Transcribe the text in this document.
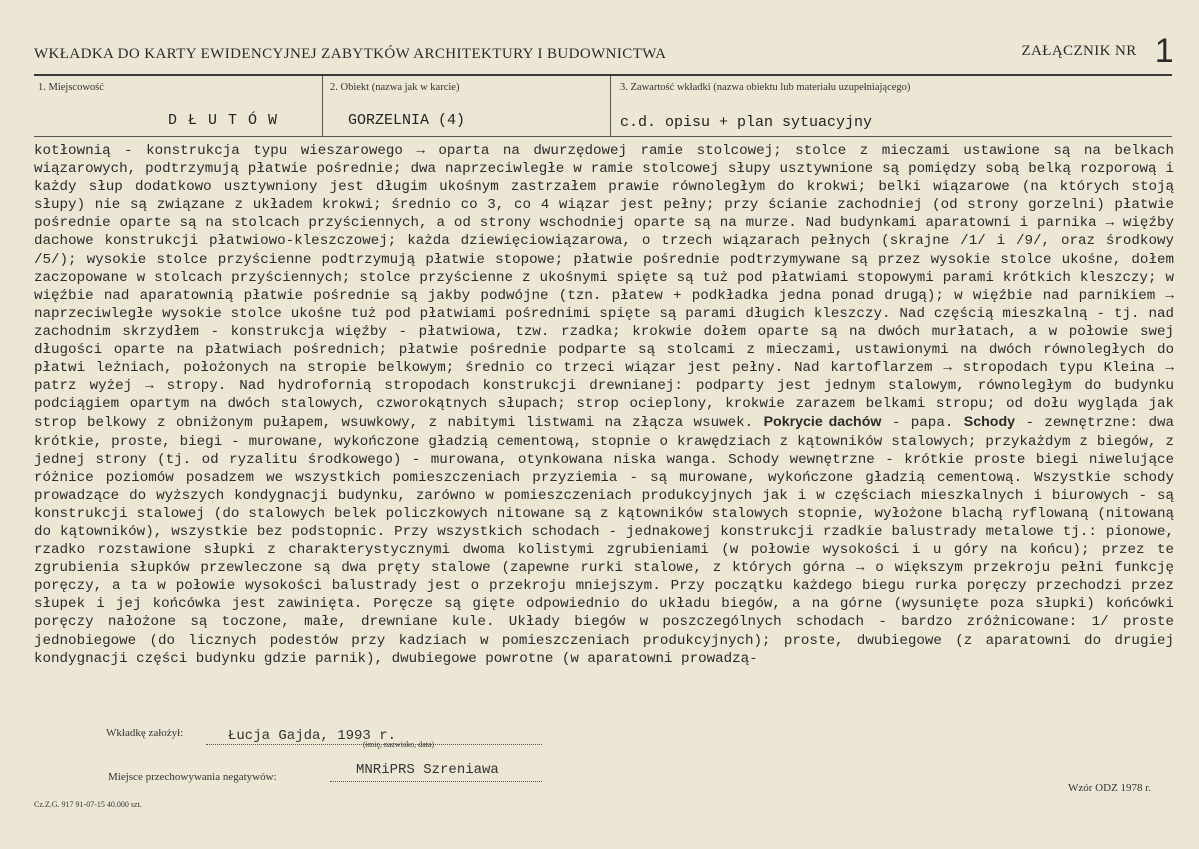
WKŁADKA DO KARTY EWIDENCYJNEJ ZABYTKÓW ARCHITEKTURY I BUDOWNICTWA	ZAŁĄCZNIK NR 1
1. Miejscowość
D Ł U T Ó W
2. Obiekt (nazwa jak w karcie)
GORZELNIA (4)
3. Zawartość wkładki (nazwa obiektu lub materiału uzupełniającego)
c.d. opisu + plan sytuacyjny

kotłownią - konstrukcja typu wieszarowego → oparta na dwurzędowej ramie stolcowej; stolce z mieczami ustawione są na belkach wiązarowych, podtrzymują płatwie pośrednie; dwa naprzeciwległe w ramie stolcowej słupy usztywnione są pomiędzy sobą belką rozporową i każdy słup dodatkowo usztywniony jest długim ukośnym zastrzałem prawie równoległym do krokwi; belki wiązarowe (na których stoją słupy) nie są związane z układem krokwi; średnio co 3, co 4 wiązar jest pełny; przy ścianie zachodniej (od strony gorzelni) płatwie pośrednie oparte są na stolcach przyściennych, a od strony wschodniej oparte są na murze. Nad budynkami aparatowni i parnika → więźby dachowe konstrukcji płatwiowo-kleszczowej; każda dziewięciowiązarowa, o trzech wiązarach pełnych (skrajne /1/ i /9/, oraz środkowy /5/); wysokie stolce przyścienne podtrzymują płatwie stopowe; płatwie pośrednie podtrzymywane są przez wysokie stolce ukośne, dołem zaczopowane w stolcach przyściennych; stolce przyścienne z ukośnymi spięte są tuż pod płatwiami stopowymi parami krótkich kleszczy; w więźbie nad aparatownią płatwie pośrednie są jakby podwójne (tzn. płatew + podkładka jedna ponad drugą); w więźbie nad parnikiem → naprzeciwległe wysokie stolce ukośne tuż pod płatwiami pośrednimi spięte są parami długich kleszczy. Nad częścią mieszkalną - tj. nad zachodnim skrzydłem - konstrukcja więźby - płatwiowa, tzw. rzadka; krokwie dołem oparte są na dwóch murłatach, a w połowie swej długości oparte na płatwiach pośrednich; płatwie pośrednie podparte są stolcami z mieczami, ustawionymi na dwóch równoległych do płatwi leżniach, położonych na stropie belkowym; średnio co trzeci wiązar jest pełny. Nad kartoflarzem → stropodach typu Kleina → patrz wyżej → stropy. Nad hydrofornią stropodach konstrukcji drewnianej: podparty jest jednym stalowym, równoległym do budynku podciągiem opartym na dwóch stalowych, czworokątnych słupach; strop ocieplony, krokwie zarazem belkami stropu; od dołu wygląda jak strop belkowy z obniżonym pułapem, wsuwkowy, z nabitymi listwami na złącza wsuwek. Pokrycie dachów - papa. Schody - zewnętrzne: dwa krótkie, proste, biegi - murowane, wykończone gładzią cementową, stopnie o krawędziach z kątowników stalowych; przykażdym z biegów, z jednej strony (tj. od ryzalitu środkowego) - murowana, otynkowana niska wanga. Schody wewnętrzne - krótkie proste biegi niwelujące różnice poziomów posadzem we wszystkich pomieszczeniach przyziemia - są murowane, wykończone gładzią cementową. Wszystkie schody prowadzące do wyższych kondygnacji budynku, zarówno w pomieszczeniach produkcyjnych jak i w częściach mieszkalnych i biurowych - są konstrukcji stalowej (do stalowych belek policzkowych nitowane są z kątowników stalowych stopnie, wyłożone blachą ryflowaną (nitowaną do kątowników), wszystkie bez podstopnic. Przy wszystkich schodach - jednakowej konstrukcji rzadkie balustrady metalowe tj.: pionowe, rzadko rozstawione słupki z charakterystycznymi dwoma kolistymi zgrubieniami (w połowie wysokości i u góry na końcu); przez te zgrubienia słupków przewleczone są dwa pręty stalowe (zapewne rurki stalowe, z których górna → o większym przekroju pełni funkcję poręczy, a ta w połowie wysokości balustrady jest o przekroju mniejszym. Przy początku każdego biegu rurka poręczy przechodzi przez słupek i jej końcówka jest zawinięta. Poręcze są gięte odpowiednio do układu biegów, a na górne (wysunięte poza słupki) końcówki poręczy nałożone są toczone, małe, drewniane kule. Układy biegów w poszczególnych schodach - bardzo zróżnicowane: 1/ proste jednobiegowe (do licznych podestów przy kadziach w pomieszczeniach produkcyjnych); proste, dwubiegowe (z aparatowni do drugiej kondygnacji części budynku gdzie parnik), dwubiegowe powrotne (w aparatowni prowadzą-

Wkładkę założył:	Łucja Gajda, 1993 r.
(imię, nazwisko, data)
Miejsce przechowywania negatywów:	MNRiPRS Szreniawa
Wzór ODZ 1978 r.
Cz.Z.G. 917 91-07-15 40.000 szt.
